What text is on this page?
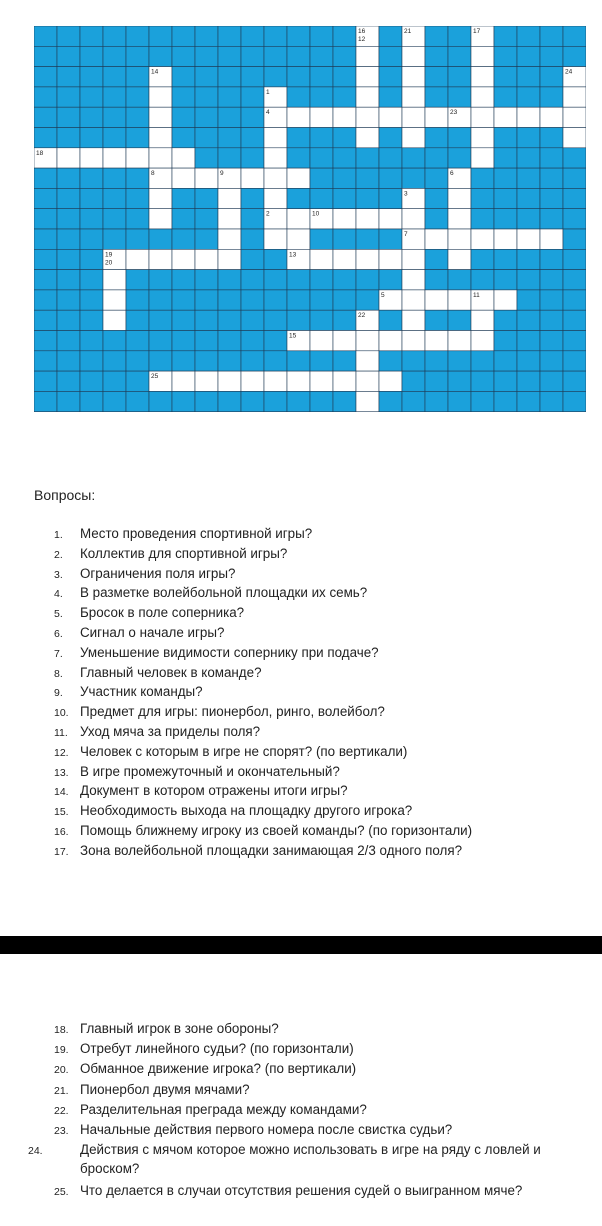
16
12
21	17
14	24
1
4	23
18
8	9	6
3
2	10
7
19
20
13
5	11
22
15
25
Вопросы:
1. Место проведения спортивной игры?
2. Коллектив для спортивной игры?
3. Ограничения поля игры?
4. В разметке волейбольной площадки их семь?
5. Бросок в поле соперника?
6. Сигнал о начале игры?
7. Уменьшение видимости сопернику при подаче?
8. Главный человек в команде?
9. Участник команды?
10. Предмет для игры: пионербол, ринго, волейбол?
11. Уход мяча за приделы поля?
12. Человек с которым в игре не спорят? (по вертикали)
13. В игре промежуточный и окончательный?
14. Документ в котором отражены итоги игры?
15. Необходимость выхода на площадку другого игрока?
16. Помощь ближнему игроку из своей команды? (по горизонтали)
17. Зона волейбольной площадки занимающая 2/3 одного поля?
18. Главный игрок в зоне обороны?
19. Отребут линейного судьи? (по горизонтали)
20. Обманное движение игрока? (по вертикали)
21. Пионербол двумя мячами?
22. Разделительная преграда между командами?
23. Начальные действия первого номера после свистка судьи?
24.	Действия с мячом которое можно использовать в игре на ряду с ловлей и броском?
25. Что делается в случаи отсутствия решения судей о выигранном мяче?
